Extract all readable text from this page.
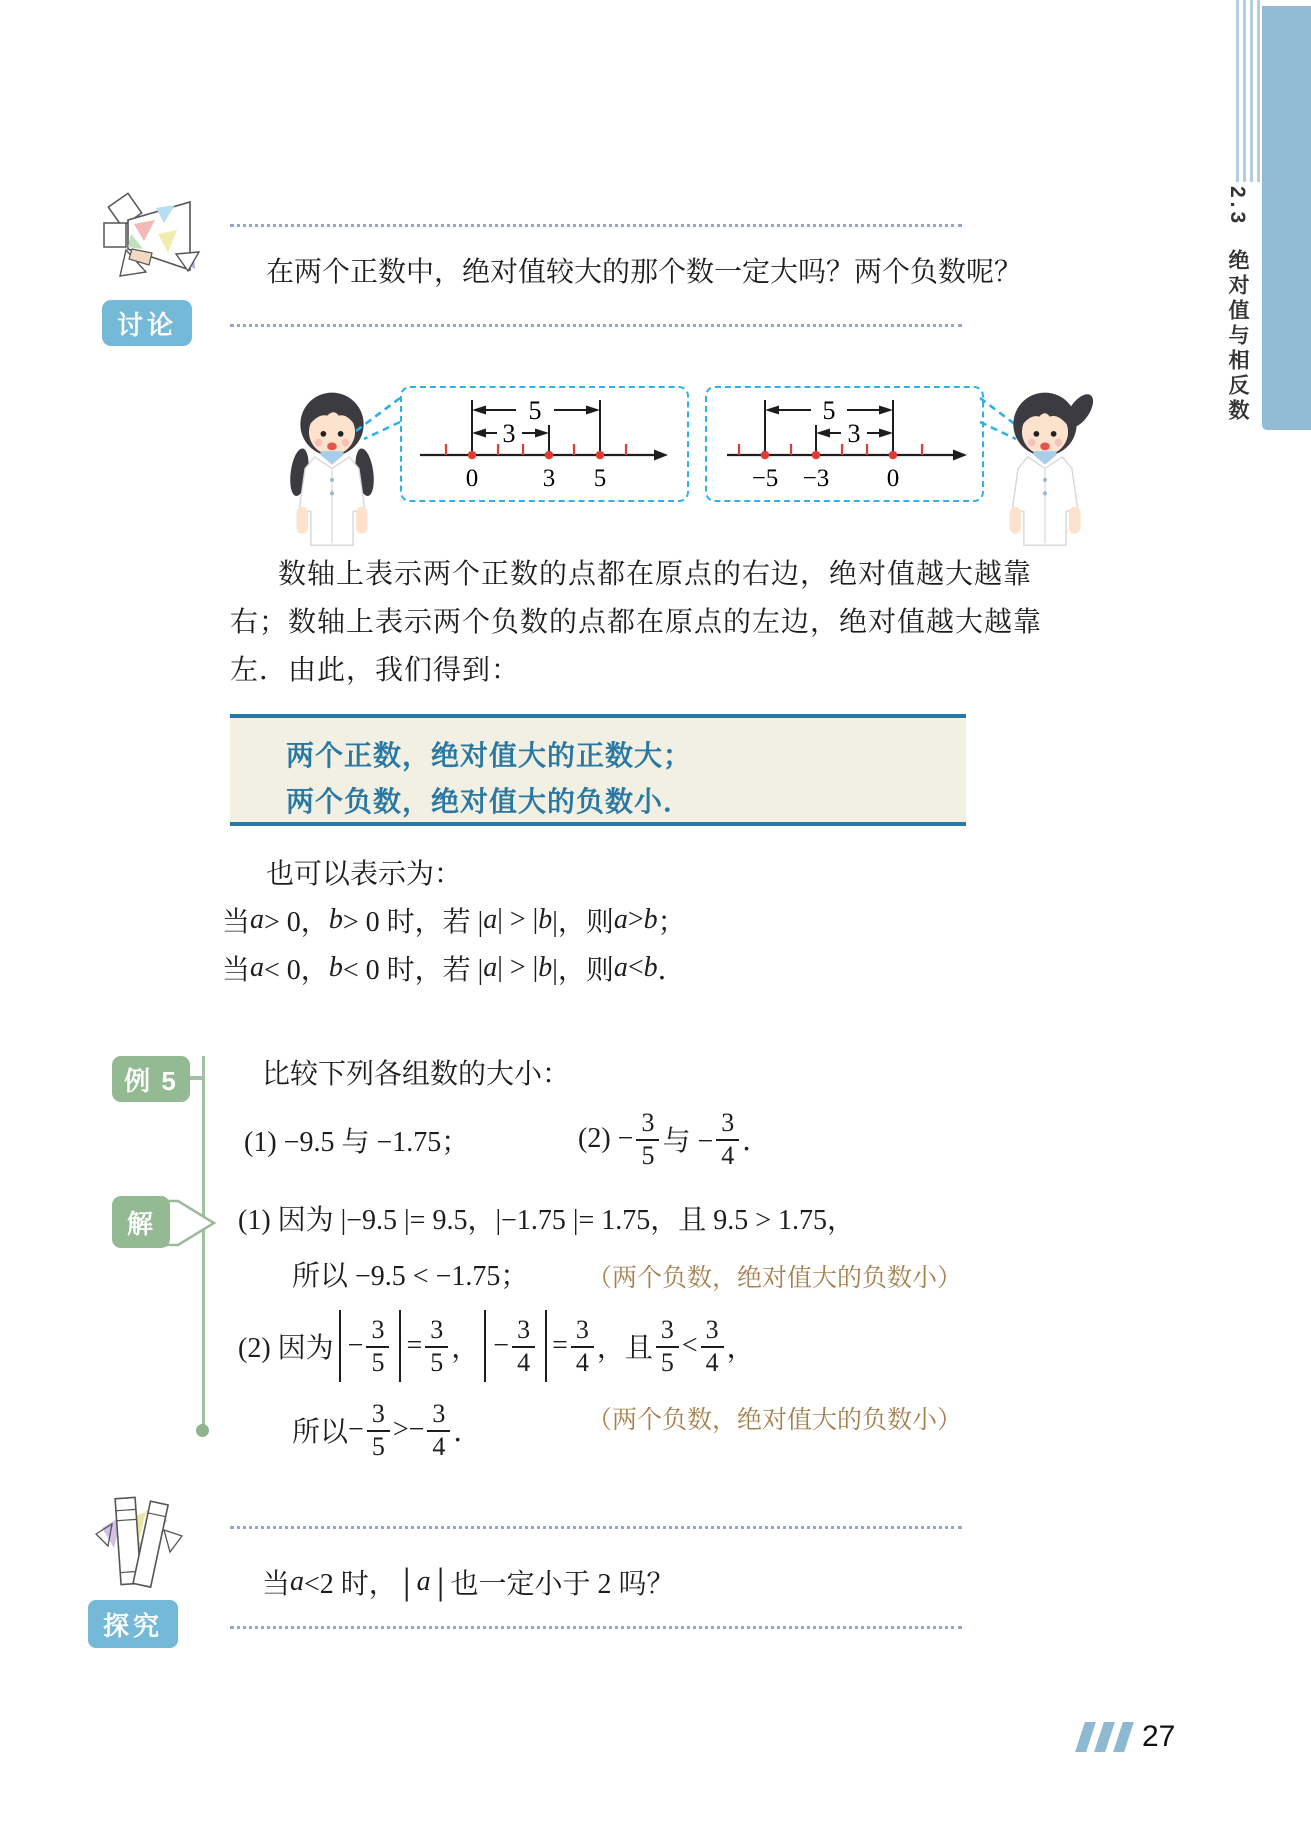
2.3绝对值与相反数
讨论
在两个正数中，绝对值较大的那个数一定大吗？两个负数呢？
5
3
0	3 5
5
3
−5 −3 0
数轴上表示两个正数的点都在原点的右边，绝对值越大越靠
右；数轴上表示两个负数的点都在原点的左边，绝对值越大越靠
左．由此，我们得到：
两个正数，绝对值大的正数大；
两个负数，绝对值大的负数小．
也可以表示为：
当 a > 0， b > 0 时，若 | a | > | b |，则 a > b ；
当 a < 0， b < 0 时，若 | a | > | b |，则 a < b ．
例 5	比较下列各组数的大小：
(1) −9.5 与 −1.75；	$(2) - \frac{3}{5}$ 与 − $\frac{3}{4}$ ．
解	(1) 因为 |−9.5 |= 9.5，|−1.75 |= 1.75，且 9.5 > 1.75，
所以 −9.5 < −1.75；	（两个负数，绝对值大的负数小）
(2) 因为 − $\frac{3}{5} = \frac{3}{5}$ ， − $\frac{3}{4} = \frac{3}{4}$ ，且 $\frac{3}{5} < \frac{3}{4}$ ，
所以 − $\frac{3}{5}$ > − $\frac{3}{4}$ ．	（两个负数，绝对值大的负数小）
探究
当 a <2 时，│ a │也一定小于 2 吗？
27
